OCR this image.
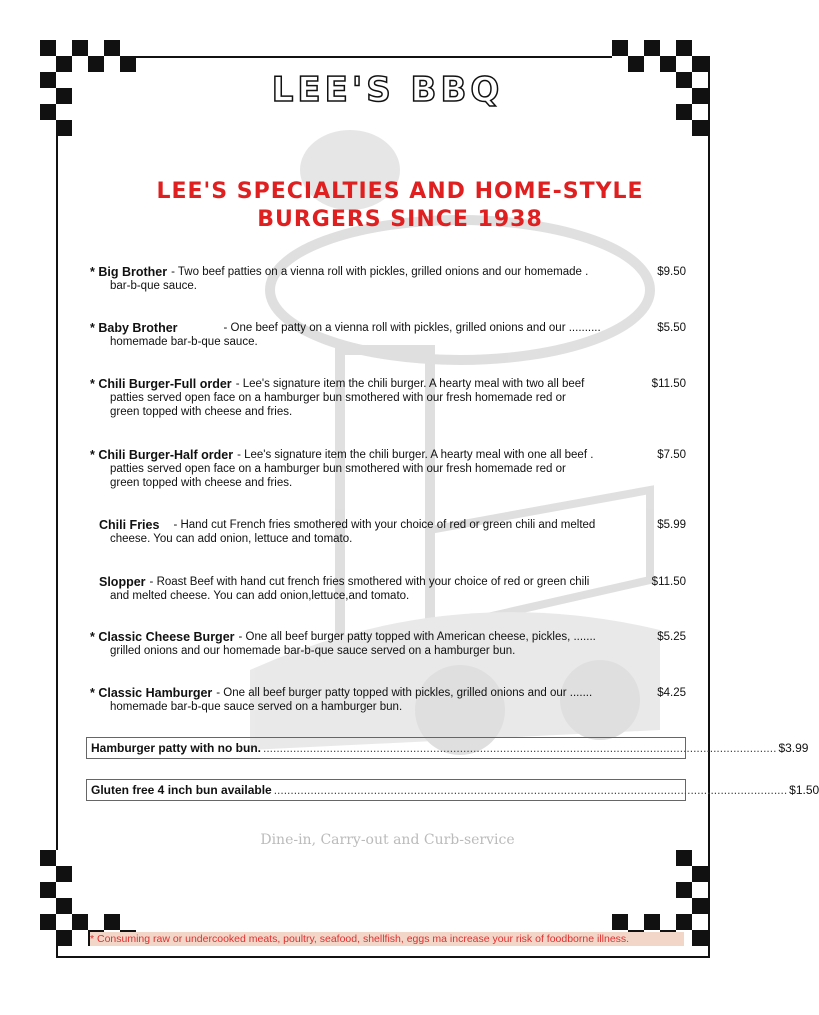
LEE'S BBQ
LEE'S SPECIALTIES AND HOME-STYLE
BURGERS SINCE 1938
* Big Brother - Two beef patties on a vienna roll with pickles, grilled onions and our homemade .	$9.50
bar-b-que sauce.
* Baby Brother	- One beef patty on a vienna roll with pickles, grilled onions and our ..........	$5.50
homemade bar-b-que sauce.
* Chili Burger-Full order - Lee's signature item the chili burger. A hearty meal with two all beef	$11.50
patties served open face on a hamburger bun smothered with our fresh homemade red or
green topped with cheese and fries.
* Chili Burger-Half order - Lee's signature item the chili burger. A hearty meal with one all beef .	$7.50
patties served open face on a hamburger bun smothered with our fresh homemade red or
green topped with cheese and fries.
Chili Fries	- Hand cut French fries smothered with your choice of red or green chili and melted	$5.99
cheese. You can add onion, lettuce and tomato.
Slopper - Roast Beef with hand cut french fries smothered with your choice of red or green chili	$11.50
and melted cheese. You can add onion,lettuce,and tomato.
* Classic Cheese Burger - One all beef burger patty topped with American cheese, pickles, .......	$5.25
grilled onions and our homemade bar-b-que sauce served on a hamburger bun.
* Classic Hamburger - One all beef burger patty topped with pickles, grilled onions and our .......	$4.25
homemade bar-b-que sauce served on a hamburger bun.
Hamburger patty with no bun. .......................................................................................................................................................... $3.99
Gluten free 4 inch bun available .......................................................................................................................................................... $1.50
Dine-in, Carry-out and Curb-service
* Consuming raw or undercooked meats, poultry, seafood, shellfish, eggs ma increase your risk of foodborne illness.
